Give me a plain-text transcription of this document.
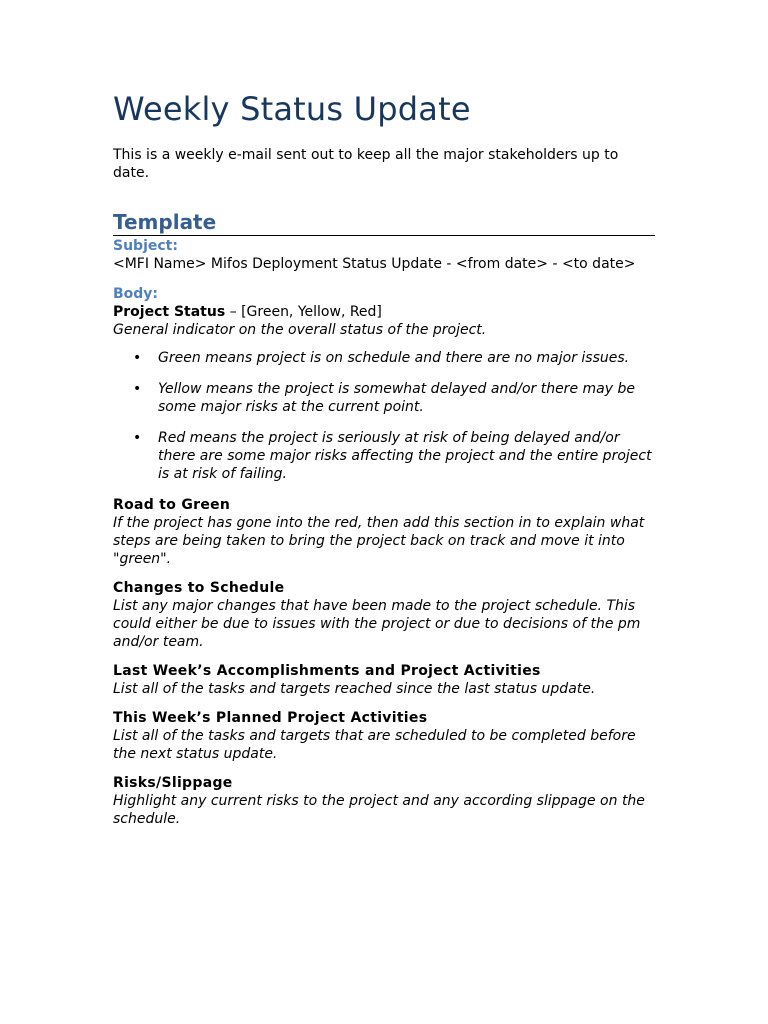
Weekly Status Update

This is a weekly e-mail sent out to keep all the major stakeholders up to date.

Template

Subject:

<MFI Name> Mifos Deployment Status Update - <from date> - <to date>

Body:

Project Status – [Green, Yellow, Red]

General indicator on the overall status of the project.

• Green means project is on schedule and there are no major issues.
• Yellow means the project is somewhat delayed and/or there may be some major risks at the current point.
• Red means the project is seriously at risk of being delayed and/or there are some major risks affecting the project and the entire project is at risk of failing.

Road to Green

If the project has gone into the red, then add this section in to explain what steps are being taken to bring the project back on track and move it into "green".

Changes to Schedule

List any major changes that have been made to the project schedule. This could either be due to issues with the project or due to decisions of the pm and/or team.

Last Week’s Accomplishments and Project Activities

List all of the tasks and targets reached since the last status update.

This Week’s Planned Project Activities

List all of the tasks and targets that are scheduled to be completed before the next status update.

Risks/Slippage

Highlight any current risks to the project and any according slippage on the schedule.
